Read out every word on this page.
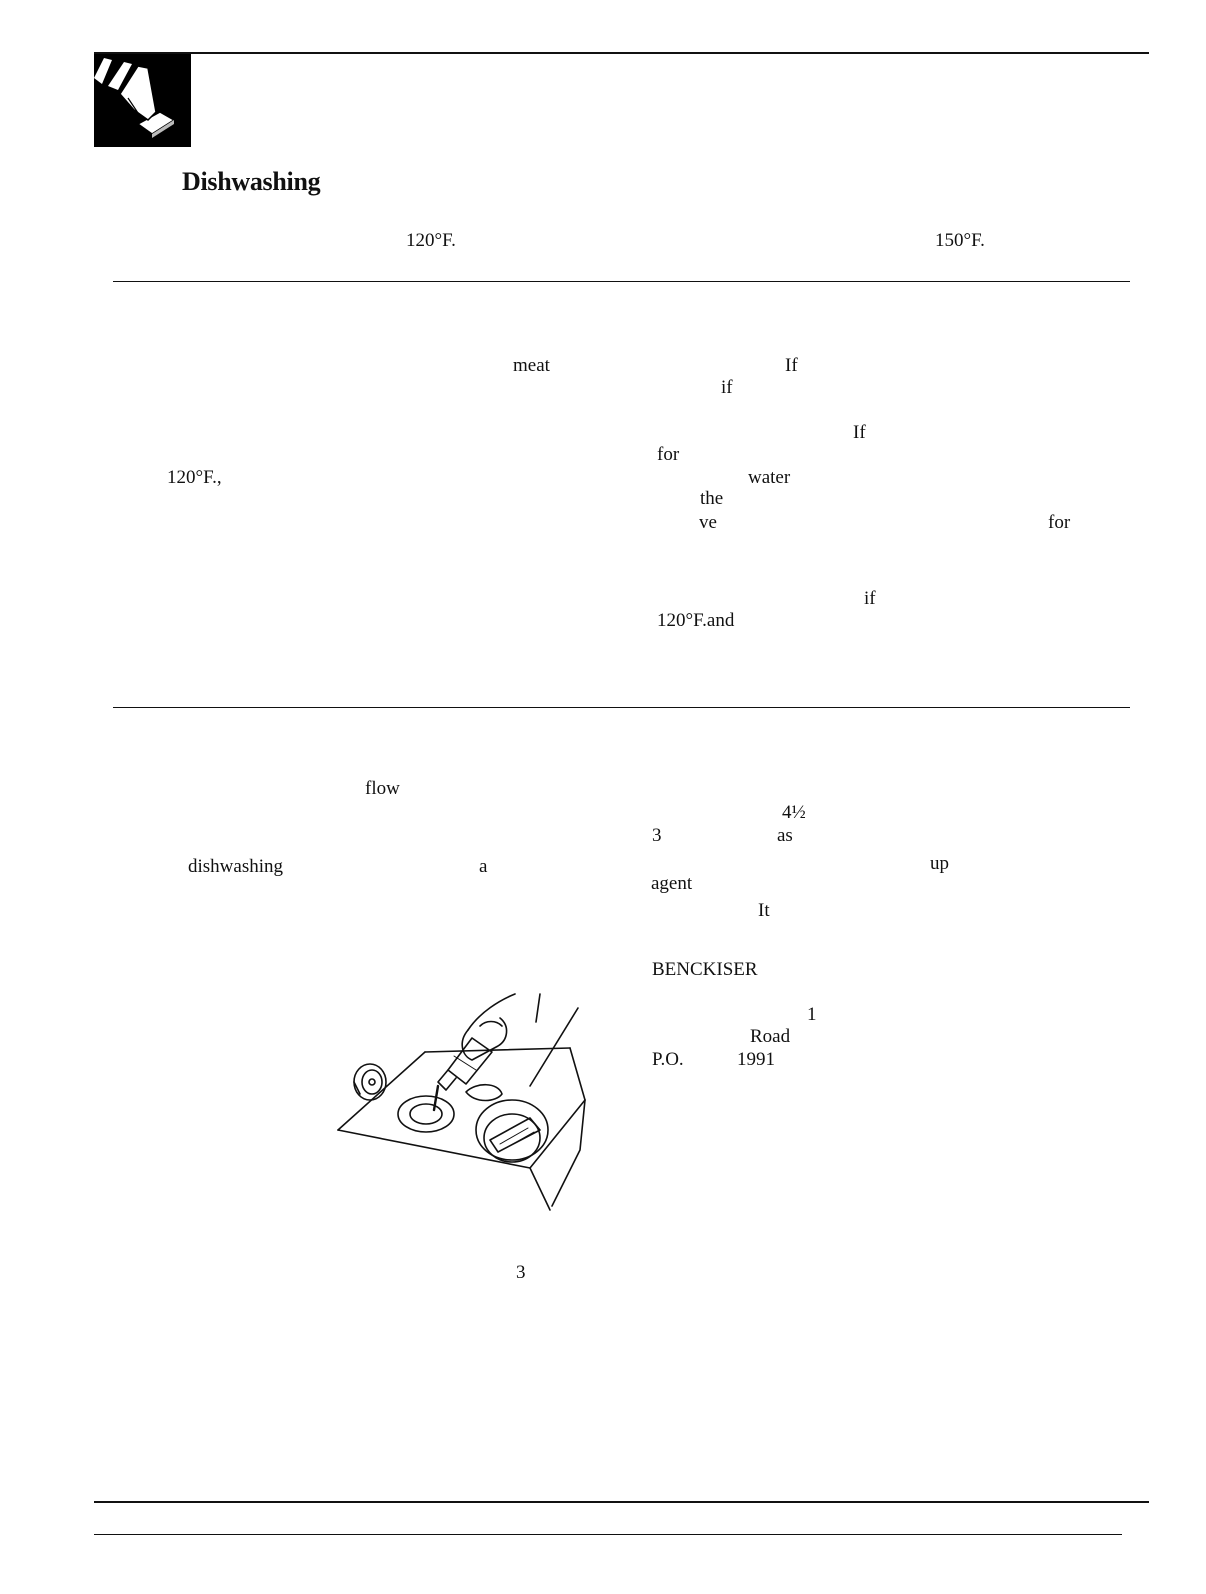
Dishwashing
120°F.	150°F.
meat
120°F.,
If
if
If
for
water
the
ve	for
if
120°F.and
flow
dishwashing	a
4½
3	as
up
agent
It
BENCKISER
1
Road
P.O.	1991
3
